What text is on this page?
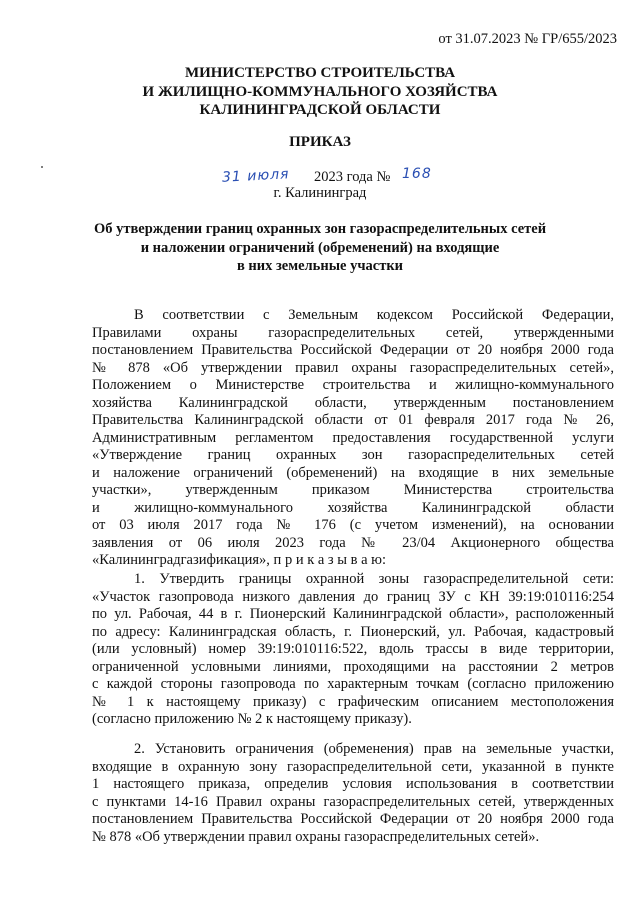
от 31.07.2023 № ГР/655/2023
МИНИСТЕРСТВО СТРОИТЕЛЬСТВА
И ЖИЛИЩНО-КОММУНАЛЬНОГО ХОЗЯЙСТВА
КАЛИНИНГРАДСКОЙ ОБЛАСТИ
ПРИКАЗ
31 июля 2023 года № 168
г. Калининград
Об утверждении границ охранных зон газораспределительных сетей
и наложении ограничений (обременений) на входящие
в них земельные участки
В соответствии с Земельным кодексом Российской Федерации,
Правилами охраны газораспределительных сетей, утвержденными
постановлением Правительства Российской Федерации от 20 ноября 2000 года
№ 878 «Об утверждении правил охраны газораспределительных сетей»,
Положением о Министерстве строительства и жилищно-коммунального
хозяйства Калининградской области, утвержденным постановлением
Правительства Калининградской области от 01 февраля 2017 года № 26,
Административным регламентом предоставления государственной услуги
«Утверждение границ охранных зон газораспределительных сетей
и наложение ограничений (обременений) на входящие в них земельные
участки», утвержденным приказом Министерства строительства
и жилищно-коммунального хозяйства Калининградской области
от 03 июля 2017 года № 176 (с учетом изменений), на основании
заявления от 06 июля 2023 года № 23/04 Акционерного общества
«Калининградгазификация», п р и к а з ы в а ю:
1. Утвердить границы охранной зоны газораспределительной сети:
«Участок газопровода низкого давления до границ ЗУ с КН 39:19:010116:254
по ул. Рабочая, 44 в г. Пионерский Калининградской области», расположенный
по адресу: Калининградская область, г. Пионерский, ул. Рабочая, кадастровый
(или условный) номер 39:19:010116:522, вдоль трассы в виде территории,
ограниченной условными линиями, проходящими на расстоянии 2 метров
с каждой стороны газопровода по характерным точкам (согласно приложению
№ 1 к настоящему приказу) с графическим описанием местоположения
(согласно приложению № 2 к настоящему приказу).
2. Установить ограничения (обременения) прав на земельные участки,
входящие в охранную зону газораспределительной сети, указанной в пункте
1 настоящего приказа, определив условия использования в соответствии
с пунктами 14-16 Правил охраны газораспределительных сетей, утвержденных
постановлением Правительства Российской Федерации от 20 ноября 2000 года
№ 878 «Об утверждении правил охраны газораспределительных сетей».
